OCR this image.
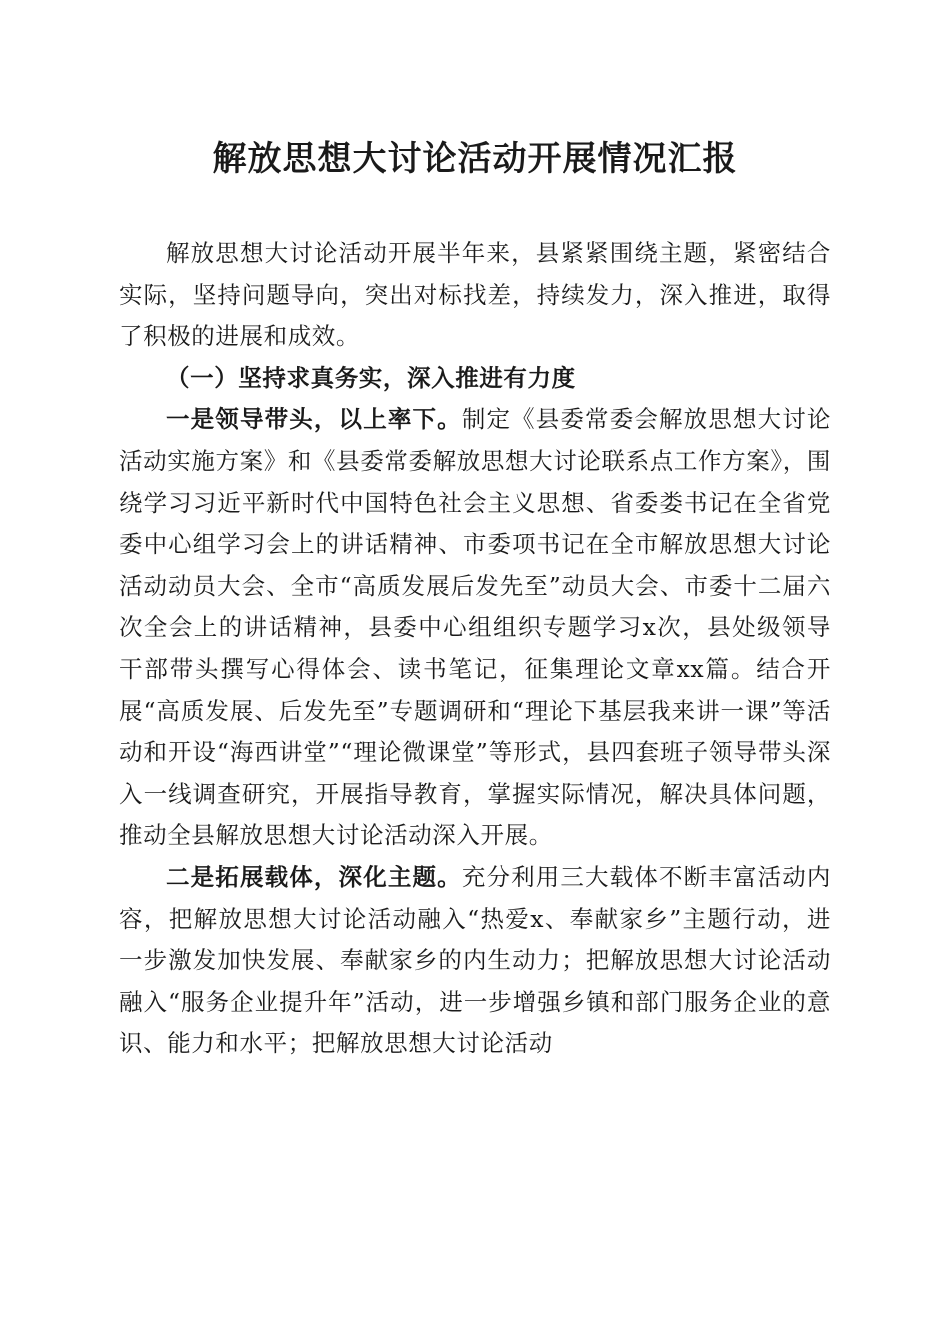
解放思想大讨论活动开展情况汇报

解放思想大讨论活动开展半年来，县紧紧围绕主题，紧密结合实际，坚持问题导向，突出对标找差，持续发力，深入推进，取得了积极的进展和成效。

（一）坚持求真务实，深入推进有力度

一是领导带头，以上率下。制定《县委常委会解放思想大讨论活动实施方案》和《县委常委解放思想大讨论联系点工作方案》，围绕学习习近平新时代中国特色社会主义思想、省委娄书记在全省党委中心组学习会上的讲话精神、市委项书记在全市解放思想大讨论活动动员大会、全市“高质发展后发先至”动员大会、市委十二届六次全会上的讲话精神，县委中心组组织专题学习x次，县处级领导干部带头撰写心得体会、读书笔记，征集理论文章xx篇。结合开展“高质发展、后发先至”专题调研和“理论下基层我来讲一课”等活动和开设“海西讲堂”“理论微课堂”等形式，县四套班子领导带头深入一线调查研究，开展指导教育，掌握实际情况，解决具体问题，推动全县解放思想大讨论活动深入开展。

二是拓展载体，深化主题。充分利用三大载体不断丰富活动内容，把解放思想大讨论活动融入“热爱x、奉献家乡”主题行动，进一步激发加快发展、奉献家乡的内生动力；把解放思想大讨论活动融入“服务企业提升年”活动，进一步增强乡镇和部门服务企业的意识、能力和水平；把解放思想大讨论活动
